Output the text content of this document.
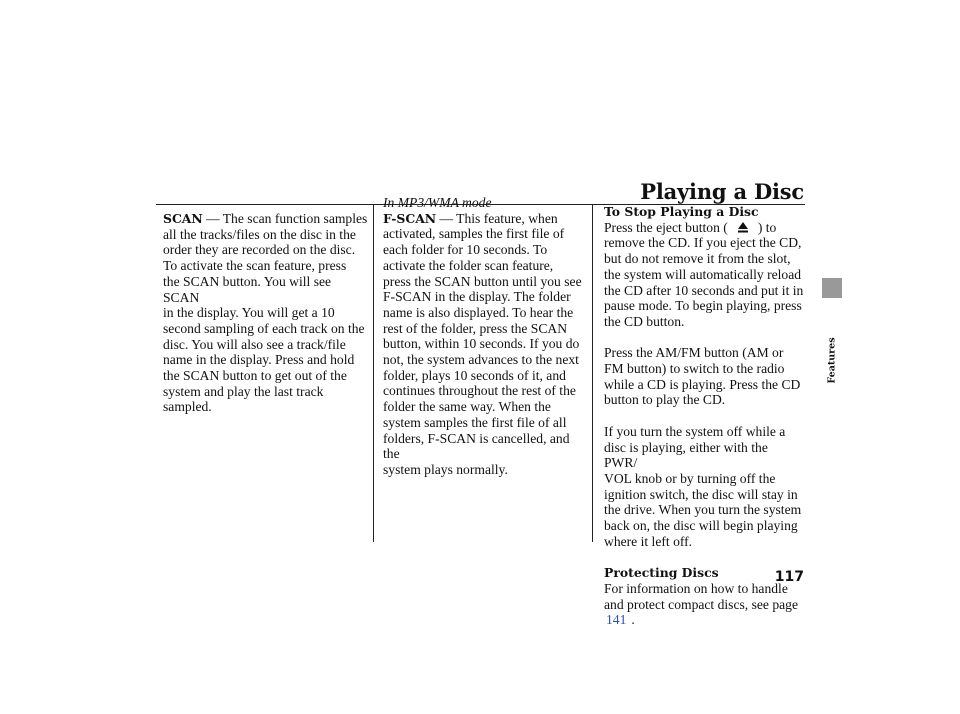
Playing a Disc
SCAN — The scan function samples
all the tracks/files on the disc in the
order they are recorded on the disc.
To activate the scan feature, press
the SCAN button. You will see SCAN
in the display. You will get a 10
second sampling of each track on the
disc. You will also see a track/file
name in the display. Press and hold
the SCAN button to get out of the
system and play the last track
sampled.
In MP3/WMA mode
F-SCAN — This feature, when
activated, samples the first file of
each folder for 10 seconds. To
activate the folder scan feature,
press the SCAN button until you see
F-SCAN in the display. The folder
name is also displayed. To hear the
rest of the folder, press the SCAN
button, within 10 seconds. If you do
not, the system advances to the next
folder, plays 10 seconds of it, and
continues throughout the rest of the
folder the same way. When the
system samples the first file of all
folders, F-SCAN is cancelled, and the
system plays normally.
To Stop Playing a Disc
Press the eject button ( ) to
remove the CD. If you eject the CD,
but do not remove it from the slot,
the system will automatically reload
the CD after 10 seconds and put it in
pause mode. To begin playing, press
the CD button.
Press the AM/FM button (AM or
FM button) to switch to the radio
while a CD is playing. Press the CD
button to play the CD.
If you turn the system off while a
disc is playing, either with the PWR/
VOL knob or by turning off the
ignition switch, the disc will stay in
the drive. When you turn the system
back on, the disc will begin playing
where it left off.
Protecting Discs
For information on how to handle
and protect compact discs, see page
141 .
Features
117
